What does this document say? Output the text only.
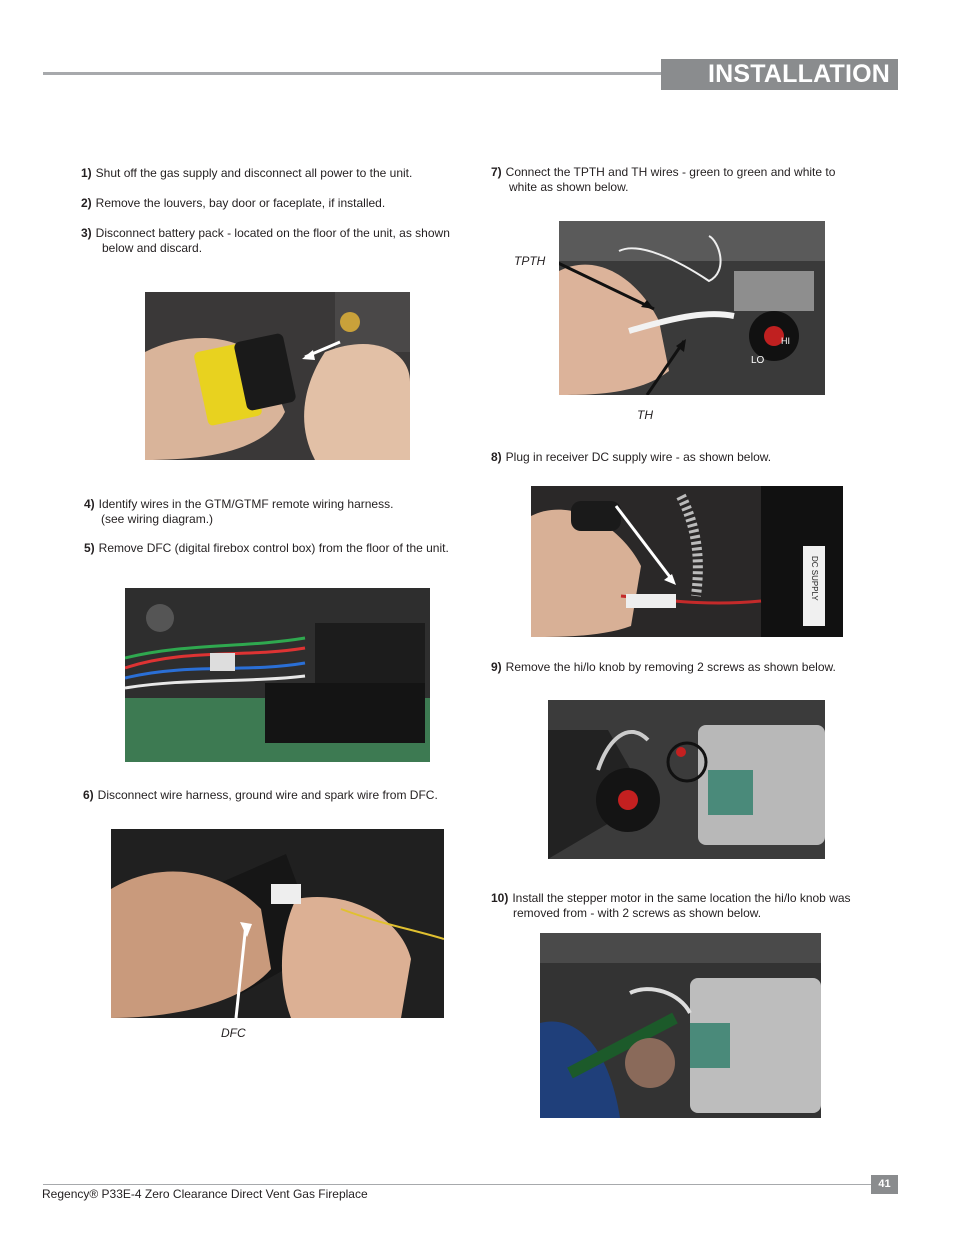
INSTALLATION
1) Shut off the gas supply and disconnect all power to the unit.
2) Remove the louvers, bay door or faceplate, if installed.
3) Disconnect battery pack - located on the floor of the unit, as shown
below and discard.
4) Identify wires in the GTM/GTMF remote wiring harness.
(see wiring diagram.)
5) Remove DFC (digital firebox control box) from the floor of the unit.
6) Disconnect wire harness, ground wire and spark wire from DFC.
DFC
7) Connect the TPTH and TH wires - green to green and white to
white as shown below.
LO
HI
TPTH
TH
8) Plug in receiver DC supply wire - as shown below.
DC SUPPLY
9) Remove the hi/lo knob by removing 2 screws as shown below.
10) Install the stepper motor in the same location the hi/lo knob was
removed from - with 2 screws as shown below.
41
Regency® P33E-4 Zero Clearance Direct Vent Gas Fireplace
